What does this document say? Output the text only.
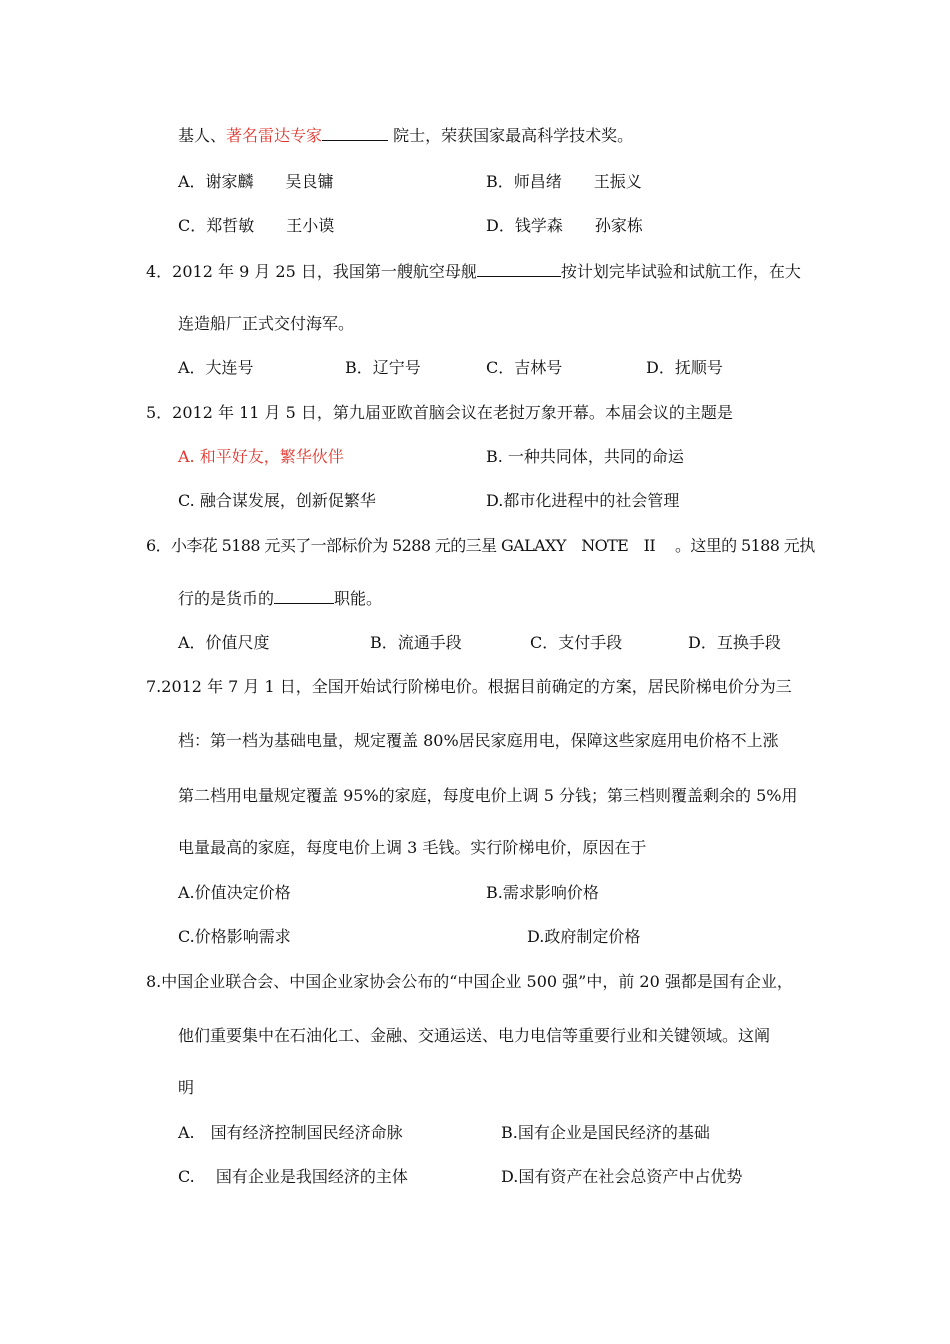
基人、著名雷达专家	院士，荣获国家最高科学技术奖。
A．谢家麟　　吴良镛	B．师昌绪　　王振义
C．郑哲敏　　王小谟	D．钱学森　　孙家栋
4．2012 年 9 月 25 日，我国第一艘航空母舰	按计划完毕试验和试航工作，在大
连造船厂正式交付海军。
A．大连号	B．辽宁号	C．吉林号	D．抚顺号
5．2012 年 11 月 5 日，第九届亚欧首脑会议在老挝万象开幕。本届会议的主题是
A. 和平好友，繁华伙伴	B. 一种共同体，共同的命运
C. 融合谋发展，创新促繁华	D.都市化进程中的社会管理
6．小李花 5188 元买了一部标价为 5288 元的三星 GALAXY　NOTE　II　 。这里的 5188 元执
行的是货币的	职能。
A．价值尺度	B．流通手段	C．支付手段	D．互换手段
7.2012 年 7 月 1 日，全国开始试行阶梯电价。根据目前确定的方案，居民阶梯电价分为三
档：第一档为基础电量，规定覆盖 80%居民家庭用电，保障这些家庭用电价格不上涨
第二档用电量规定覆盖 95%的家庭，每度电价上调 5 分钱；第三档则覆盖剩余的 5%用
电量最高的家庭，每度电价上调 3 毛钱。实行阶梯电价，原因在于
A.价值决定价格	B.需求影响价格
C.价格影响需求	D.政府制定价格
8.中国企业联合会、中国企业家协会公布的“中国企业 500 强”中，前 20 强都是国有企业，
他们重要集中在石油化工、金融、交通运送、电力电信等重要行业和关键领域。这阐
明
A.　国有经济控制国民经济命脉	B.国有企业是国民经济的基础
C.　 国有企业是我国经济的主体	D.国有资产在社会总资产中占优势
